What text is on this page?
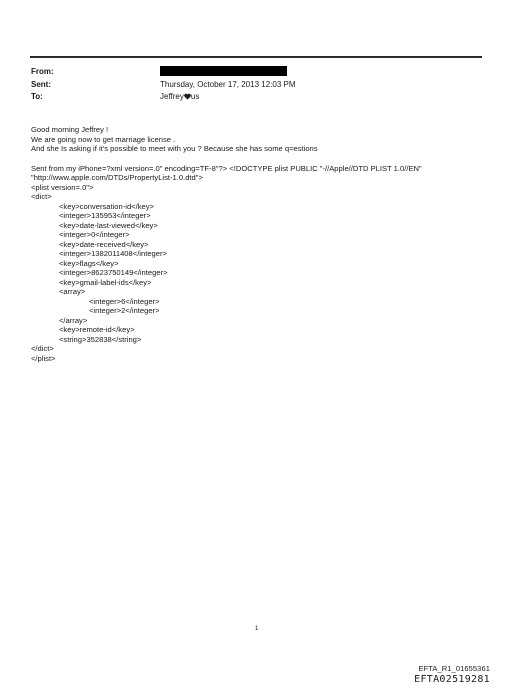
From:
Sent:
To:
Thursday, October 17, 2013 12:03 PM
Jeffrey us
Good morning Jeffrey !
We are going now to get marriage license .
And she Is asking if it's possible to meet with you ? Because she has some q=estions
Sent from my iPhone=?xml version=.0" encoding=TF-8"?> <!DOCTYPE plist PUBLIC "-//Apple//DTD PLIST 1.0//EN"
"http://www.apple.com/DTDs/PropertyList-1.0.dtd">
<plist version=.0">
<dict>
<key>conversation-id</key>
<integer>135953</integer>
<key>date-last-viewed</key>
<integer>0</integer>
<key>date-received</key>
<integer>1382011408</integer>
<key>flags</key>
<integer>8623750149</integer>
<key>gmail-label-ids</key>
<array>
<integer>6</integer>
<integer>2</integer>
</array>
<key>remote-id</key>
<string>352838</string>
</dict>
</plist>
1
EFTA_R1_01655361
EFTA02519281
